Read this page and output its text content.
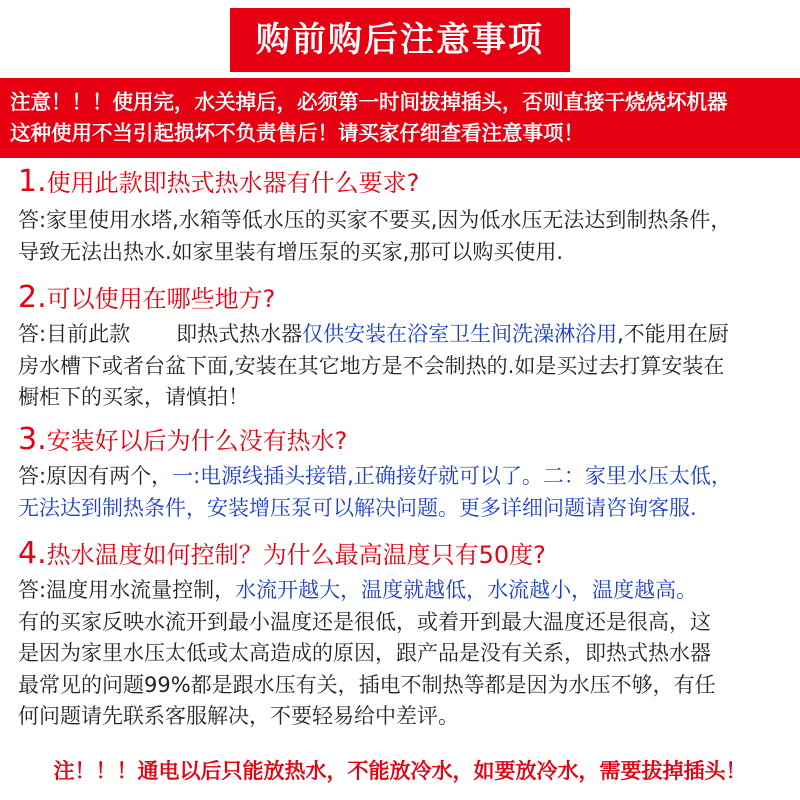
购前购后注意事项
注意！！！使用完，水关掉后，必须第一时间拔掉插头，否则直接干烧烧坏机器
这种使用不当引起损坏不负责售后！请买家仔细查看注意事项！
1.使用此款即热式热水器有什么要求?
答:家里使用水塔,水箱等低水压的买家不要买,因为低水压无法达到制热条件，
导致无法出热水.如家里装有增压泵的买家,那可以购买使用.
2.可以使用在哪些地方?
答:目前此款 即热式热水器仅供安装在浴室卫生间洗澡淋浴用,不能用在厨
房水槽下或者台盆下面,安装在其它地方是不会制热的.如是买过去打算安装在
橱柜下的买家，请慎拍！
3.安装好以后为什么没有热水?
答:原因有两个，一:电源线插头接错,正确接好就可以了。二：家里水压太低，
无法达到制热条件，安装增压泵可以解决问题。更多详细问题请咨询客服.
4.热水温度如何控制？为什么最高温度只有50度?
答:温度用水流量控制，水流开越大，温度就越低，水流越小，温度越高。
有的买家反映水流开到最小温度还是很低，或着开到最大温度还是很高，这
是因为家里水压太低或太高造成的原因，跟产品是没有关系，即热式热水器
最常见的问题99%都是跟水压有关，插电不制热等都是因为水压不够，有任
何问题请先联系客服解决，不要轻易给中差评。
注！！！通电以后只能放热水，不能放冷水，如要放冷水，需要拔掉插头！
